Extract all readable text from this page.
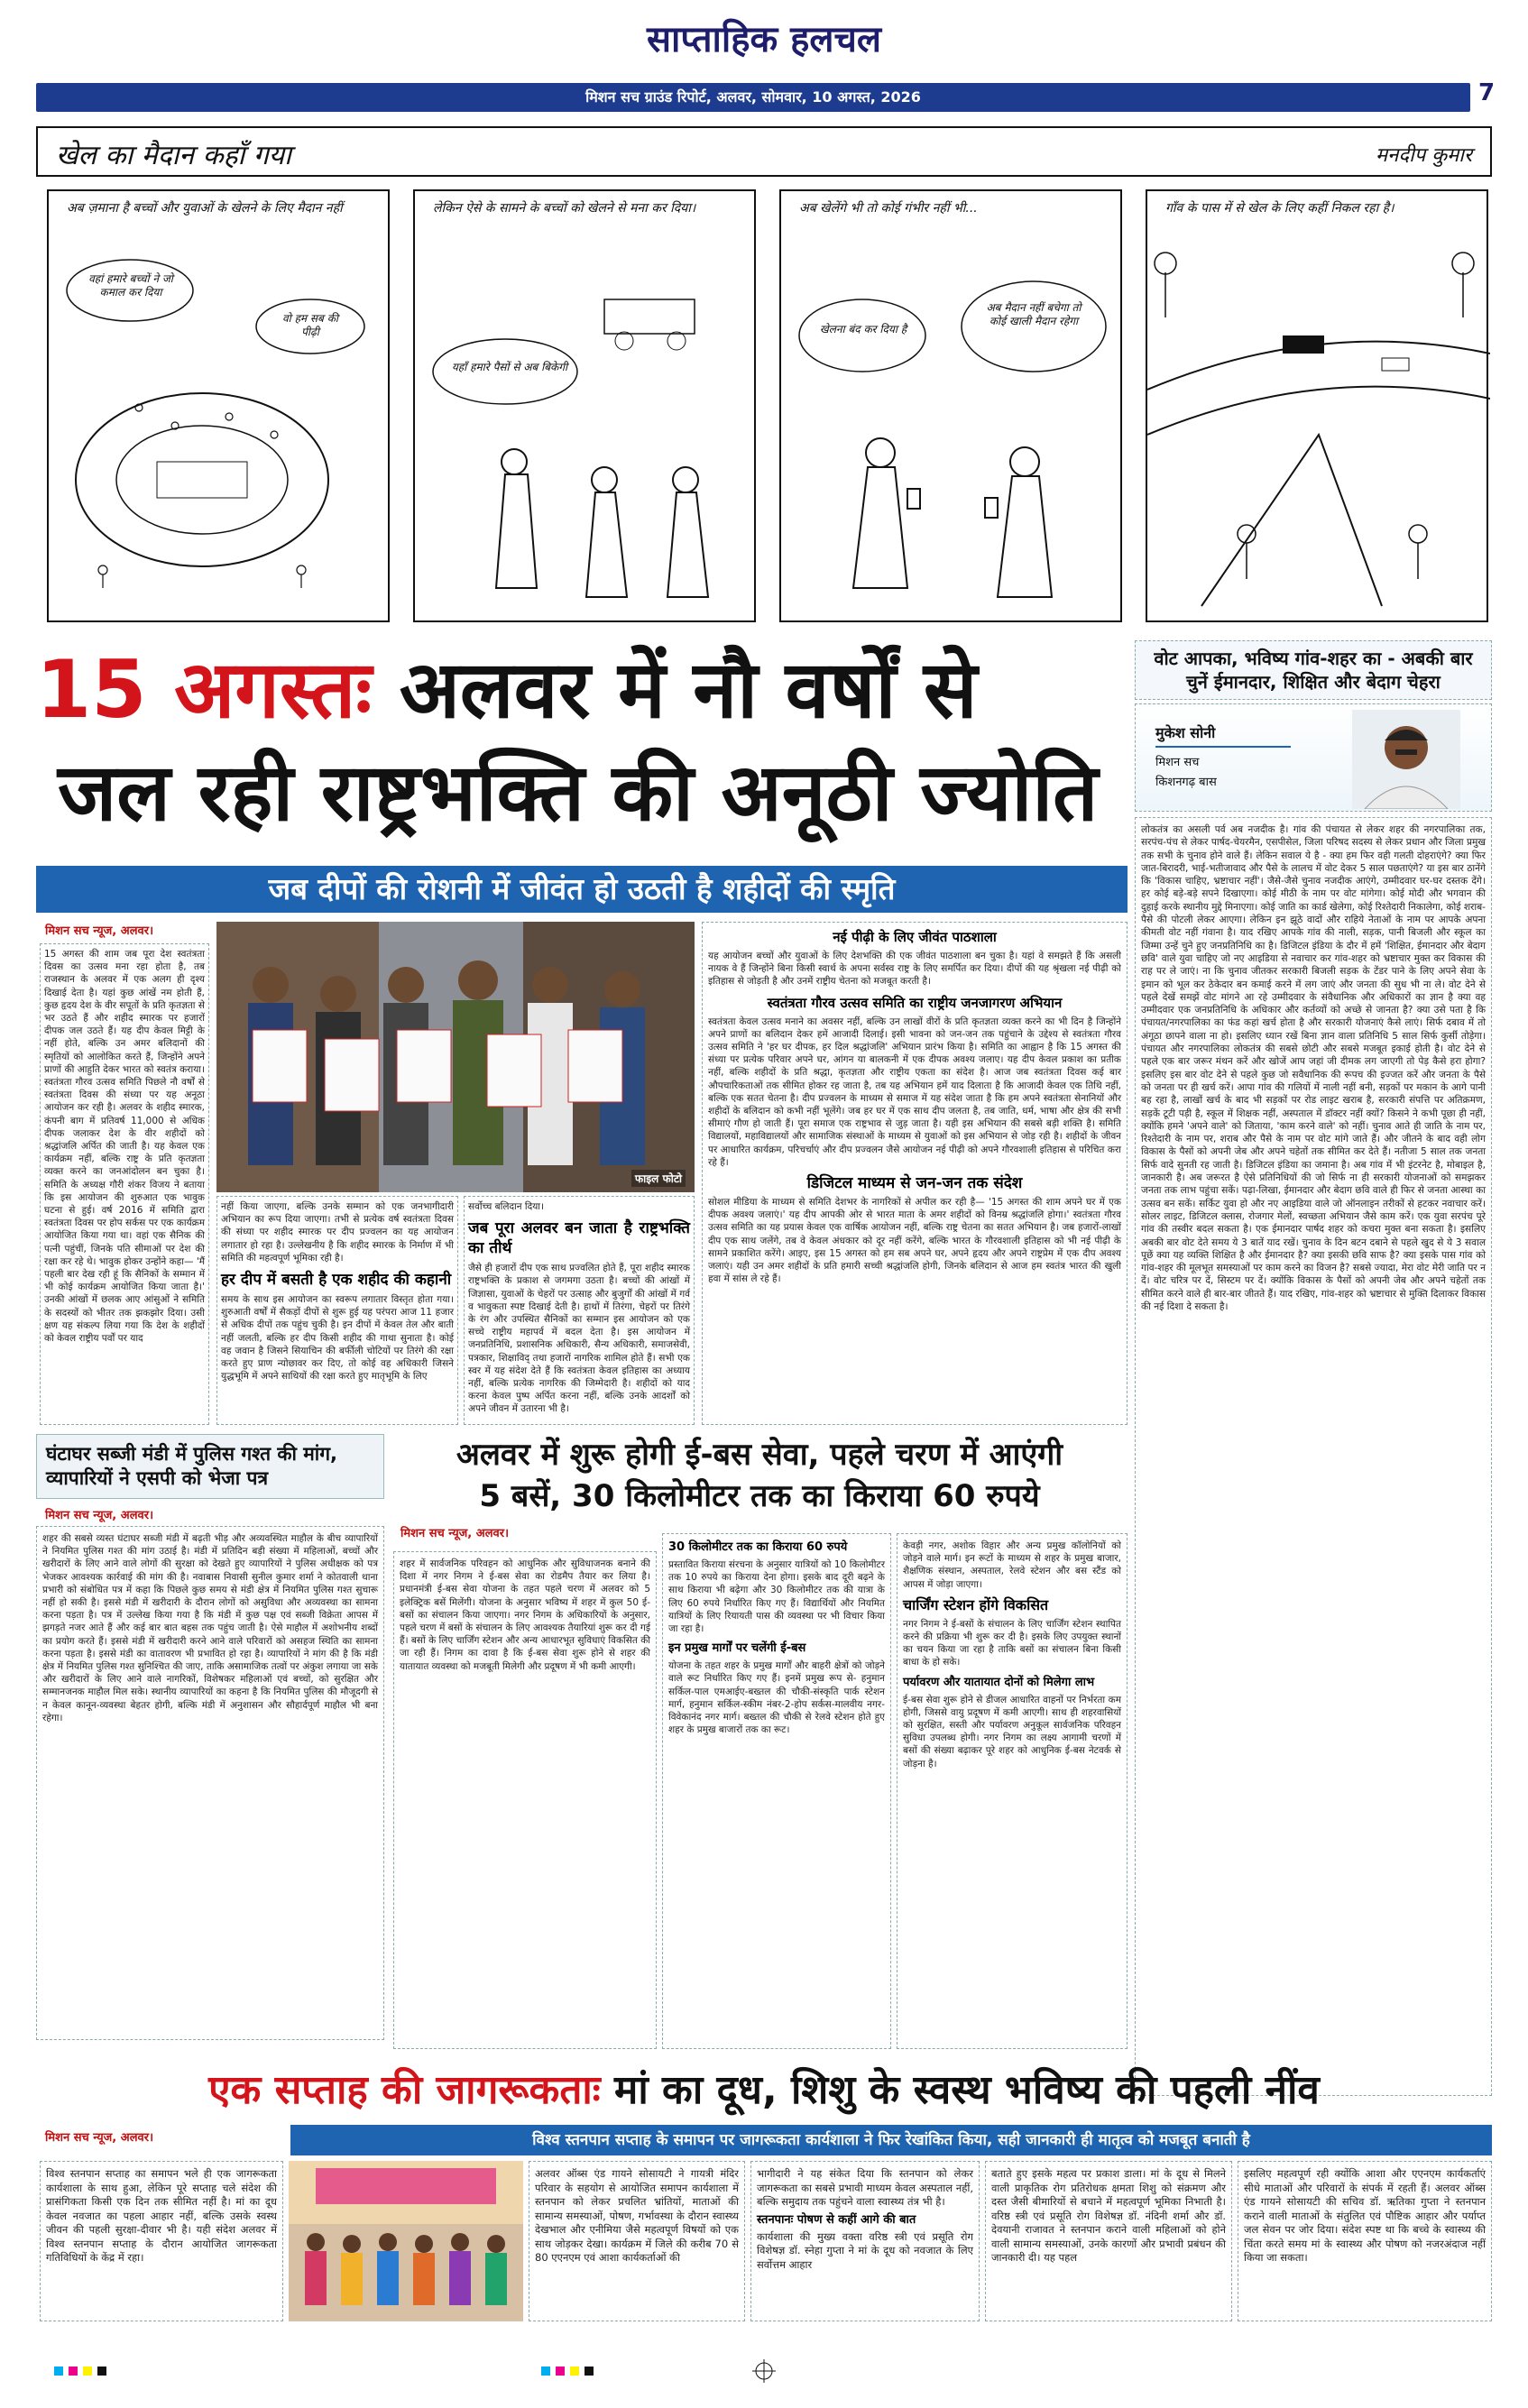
साप्ताहिक हलचल
मिशन सच ग्राउंड रिपोर्ट, अलवर, सोमवार, 10 अगस्त, 2026	7
खेल का मैदान कहाँ गया	मनदीप कुमार
अब ज़माना है बच्चों और युवाओं के खेलने के लिए मैदान नहीं
वहां हमारे बच्चों ने जो कमाल कर दिया
वो हम सब की पीढ़ी
लेकिन ऐसे के सामने के बच्चों को खेलने से मना कर दिया।
यहाँ हमारे पैसों से अब बिकेगी
अब खेलेंगे भी तो कोई गंभीर नहीं भी...
खेलना बंद कर दिया है
अब मैदान नहीं बचेगा तो कोई खाली मैदान रहेगा
गाँव के पास में से खेल के लिए कहीं निकल रहा है।
15 अगस्तः अलवर में नौ वर्षों से
जल रही राष्ट्रभक्ति की अनूठी ज्योति
जब दीपों की रोशनी में जीवंत हो उठती है शहीदों की स्मृति
मिशन सच न्यूज, अलवर।

15 अगस्त की शाम जब पूरा देश स्वतंत्रता दिवस का उत्सव मना रहा होता है, तब राजस्थान के अलवर में एक अलग ही दृश्य दिखाई देता है। यहां कुछ आंखें नम होती हैं, कुछ हृदय देश के वीर सपूतों के प्रति कृतज्ञता से भर उठते हैं और शहीद स्मारक पर हजारों दीपक जल उठते हैं। यह दीप केवल मिट्टी के नहीं होते, बल्कि उन अमर बलिदानों की स्मृतियों को आलोकित करते हैं, जिन्होंने अपने प्राणों की आहुति देकर भारत को स्वतंत्र कराया। स्वतंत्रता गौरव उत्सव समिति पिछले नौ वर्षों से स्वतंत्रता दिवस की संध्या पर यह अनूठा आयोजन कर रही है। अलवर के शहीद स्मारक, कंपनी बाग में प्रतिवर्ष 11,000 से अधिक दीपक जलाकर देश के वीर शहीदों को श्रद्धांजलि अर्पित की जाती है। यह केवल एक कार्यक्रम नहीं, बल्कि राष्ट्र के प्रति कृतज्ञता व्यक्त करने का जनआंदोलन बन चुका है। समिति के अध्यक्ष गौरी शंकर विजय ने बताया कि इस आयोजन की शुरुआत एक भावुक घटना से हुई। वर्ष 2016 में समिति द्वारा स्वतंत्रता दिवस पर होप सर्कस पर एक कार्यक्रम आयोजित किया गया था। वहां एक सैनिक की पत्नी पहुंचीं, जिनके पति सीमाओं पर देश की रक्षा कर रहे थे। भावुक होकर उन्होंने कहा— 'मैं पहली बार देख रही हूं कि सैनिकों के सम्मान में भी कोई कार्यक्रम आयोजित किया जाता है।' उनकी आंखों में छलक आए आंसुओं ने समिति के सदस्यों को भीतर तक झकझोर दिया। उसी क्षण यह संकल्प लिया गया कि देश के शहीदों को केवल राष्ट्रीय पर्वों पर याद

फाइल फोटो

नहीं किया जाएगा, बल्कि उनके सम्मान को एक जनभागीदारी अभियान का रूप दिया जाएगा। तभी से प्रत्येक वर्ष स्वतंत्रता दिवस की संध्या पर शहीद स्मारक पर दीप प्रज्वलन का यह आयोजन लगातार हो रहा है। उल्लेखनीय है कि शहीद स्मारक के निर्माण में भी समिति की महत्वपूर्ण भूमिका रही है।

हर दीप में बसती है एक शहीद की कहानी

समय के साथ इस आयोजन का स्वरूप लगातार विस्तृत होता गया। शुरुआती वर्षों में सैकड़ों दीपों से शुरू हुई यह परंपरा आज 11 हजार से अधिक दीपों तक पहुंच चुकी है। इन दीपों में केवल तेल और बाती नहीं जलती, बल्कि हर दीप किसी शहीद की गाथा सुनाता है। कोई वह जवान है जिसने सियाचिन की बर्फीली चोटियों पर तिरंगे की रक्षा करते हुए प्राण न्योछावर कर दिए, तो कोई वह अधिकारी जिसने युद्धभूमि में अपने साथियों की रक्षा करते हुए मातृभूमि के लिए

सर्वोच्च बलिदान दिया।

जब पूरा अलवर बन जाता है राष्ट्रभक्ति का तीर्थ

जैसे ही हजारों दीप एक साथ प्रज्वलित होते हैं, पूरा शहीद स्मारक राष्ट्रभक्ति के प्रकाश से जगमगा उठता है। बच्चों की आंखों में जिज्ञासा, युवाओं के चेहरों पर उत्साह और बुजुर्गों की आंखों में गर्व व भावुकता स्पष्ट दिखाई देती है। हाथों में तिरंगा, चेहरों पर तिरंगे के रंग और उपस्थित सैनिकों का सम्मान इस आयोजन को एक सच्चे राष्ट्रीय महापर्व में बदल देता है। इस आयोजन में जनप्रतिनिधि, प्रशासनिक अधिकारी, सैन्य अधिकारी, समाजसेवी, पत्रकार, शिक्षाविद् तथा हजारों नागरिक शामिल होते हैं। सभी एक स्वर में यह संदेश देते हैं कि स्वतंत्रता केवल इतिहास का अध्याय नहीं, बल्कि प्रत्येक नागरिक की जिम्मेदारी है। शहीदों को याद करना केवल पुष्प अर्पित करना नहीं, बल्कि उनके आदर्शों को अपने जीवन में उतारना भी है।

नई पीढ़ी के लिए जीवंत पाठशाला

यह आयोजन बच्चों और युवाओं के लिए देशभक्ति की एक जीवंत पाठशाला बन चुका है। यहां वे समझते हैं कि असली नायक वे हैं जिन्होंने बिना किसी स्वार्थ के अपना सर्वस्व राष्ट्र के लिए समर्पित कर दिया। दीपों की यह श्रृंखला नई पीढ़ी को इतिहास से जोड़ती है और उनमें राष्ट्रीय चेतना को मजबूत करती है।

स्वतंत्रता गौरव उत्सव समिति का राष्ट्रीय जनजागरण अभियान

स्वतंत्रता केवल उत्सव मनाने का अवसर नहीं, बल्कि उन लाखों वीरों के प्रति कृतज्ञता व्यक्त करने का भी दिन है जिन्होंने अपने प्राणों का बलिदान देकर हमें आजादी दिलाई। इसी भावना को जन-जन तक पहुंचाने के उद्देश्य से स्वतंत्रता गौरव उत्सव समिति ने 'हर घर दीपक, हर दिल श्रद्धांजलि' अभियान प्रारंभ किया है। समिति का आह्वान है कि 15 अगस्त की संध्या पर प्रत्येक परिवार अपने घर, आंगन या बालकनी में एक दीपक अवश्य जलाए। यह दीप केवल प्रकाश का प्रतीक नहीं, बल्कि शहीदों के प्रति श्रद्धा, कृतज्ञता और राष्ट्रीय एकता का संदेश है। आज जब स्वतंत्रता दिवस कई बार औपचारिकताओं तक सीमित होकर रह जाता है, तब यह अभियान हमें याद दिलाता है कि आजादी केवल एक तिथि नहीं, बल्कि एक सतत चेतना है। दीप प्रज्वलन के माध्यम से समाज में यह संदेश जाता है कि हम अपने स्वतंत्रता सेनानियों और शहीदों के बलिदान को कभी नहीं भूलेंगे। जब हर घर में एक साथ दीप जलता है, तब जाति, धर्म, भाषा और क्षेत्र की सभी सीमाएं गौण हो जाती हैं। पूरा समाज एक राष्ट्रभाव से जुड़ जाता है। यही इस अभियान की सबसे बड़ी शक्ति है। समिति विद्यालयों, महाविद्यालयों और सामाजिक संस्थाओं के माध्यम से युवाओं को इस अभियान से जोड़ रही है। शहीदों के जीवन पर आधारित कार्यक्रम, परिचर्चाएं और दीप प्रज्वलन जैसे आयोजन नई पीढ़ी को अपने गौरवशाली इतिहास से परिचित करा रहे हैं।

डिजिटल माध्यम से जन-जन तक संदेश

सोशल मीडिया के माध्यम से समिति देशभर के नागरिकों से अपील कर रही है— '15 अगस्त की शाम अपने घर में एक दीपक अवश्य जलाएं।' यह दीप आपकी ओर से भारत माता के अमर शहीदों को विनम्र श्रद्धांजलि होगा।' स्वतंत्रता गौरव उत्सव समिति का यह प्रयास केवल एक वार्षिक आयोजन नहीं, बल्कि राष्ट्र चेतना का सतत अभियान है। जब हजारों-लाखों दीप एक साथ जलेंगे, तब वे केवल अंधकार को दूर नहीं करेंगे, बल्कि भारत के गौरवशाली इतिहास को भी नई पीढ़ी के सामने प्रकाशित करेंगे। आइए, इस 15 अगस्त को हम सब अपने घर, अपने हृदय और अपने राष्ट्रप्रेम में एक दीप अवश्य जलाएं। यही उन अमर शहीदों के प्रति हमारी सच्ची श्रद्धांजलि होगी, जिनके बलिदान से आज हम स्वतंत्र भारत की खुली हवा में सांस ले रहे हैं।

वोट आपका, भविष्य गांव-शहर का - अबकी बार चुनें ईमानदार, शिक्षित और बेदाग चेहरा
मुकेश सोनी
मिशन सच
किशनगढ़ बास

लोकतंत्र का असली पर्व अब नजदीक है। गांव की पंचायत से लेकर शहर की नगरपालिका तक, सरपंच-पंच से लेकर पार्षद-चेयरमैन, एसपीसेल, जिला परिषद सदस्य से लेकर प्रधान और जिला प्रमुख तक सभी के चुनाव होने वाले हैं। लेकिन सवाल ये है - क्या हम फिर वही गलती दोहराएंगे? क्या फिर जात-बिरादरी, भाई-भतीजावाद और पैसे के लालच में वोट देकर 5 साल पछताएंगे? या इस बार ठानेंगे कि 'विकास चाहिए, भ्रष्टाचार नहीं'। जैसे-जैसे चुनाव नजदीक आएंगे, उम्मीदवार घर-घर दस्तक देंगे। हर कोई बड़े-बड़े सपने दिखाएगा। कोई मीठी के नाम पर वोट मांगेगा। कोई मोदी और भगवान की दुहाई करके स्थानीय मुद्दे मिनाएगा। कोई जाति का कार्ड खेलेगा, कोई रिश्तेदारी निकालेगा, कोई शराब-पैसे की पोटली लेकर आएगा। लेकिन इन झूठे वादों और राहिये नेताओं के नाम पर आपके अपना कीमती वोट नहीं गंवाना है। याद रखिए आपके गांव की नाली, सड़क, पानी बिजली और स्कूल का जिम्मा उन्हें चुने हुए जनप्रतिनिधि का है। डिजिटल इंडिया के दौर में हमें 'शिक्षित, ईमानदार और बेदाग छवि' वाले युवा चाहिए जो नए आइडिया से नवाचार कर गांव-शहर को भ्रष्टाचार मुक्त कर विकास की राह पर ले जाएं। ना कि चुनाव जीतकर सरकारी बिजली सड़क के टेंडर पाने के लिए अपने सेवा के इमान को भूल कर ठेकेदार बन कमाई करने में लग जाएं और जनता की सुध भी ना ले। वोट देने से पहले देखें समझें वोट मांगने आ रहे उम्मीदवार के संवैधानिक और अधिकारों का ज्ञान है क्या वह उम्मीदवार एक जनप्रतिनिधि के अधिकार और कर्तव्यों को अच्छे से जानता है? क्या उसे पता है कि पंचायत/नगरपालिका का फंड कहां खर्च होता है और सरकारी योजनाएं कैसे लाएं। सिर्फ दबाव में तो अंगूठा छापने वाला ना हो। इसलिए ध्यान रखें बिना ज्ञान वाला प्रतिनिधि 5 साल सिर्फ कुर्सी तोड़ेगा। पंचायत और नगरपालिका लोकतंत्र की सबसे छोटी और सबसे मजबूत इकाई होती है। वोट देने से पहले एक बार जरूर मंथन करें और खोजें आप जहां जी दीमक लग जाएगी तो पेड़ कैसे हरा होगा? इसलिए इस बार वोट देने से पहले कुछ जो सवैधानिक की रूपच की इज्जत करें और जनता के पैसे को जनता पर ही खर्च करें। आपा गांव की गलियों में नाली नहीं बनी, सड़कों पर मकान के आगे पानी बह रहा है, लाखों खर्च के बाद भी सड़कों पर रोड लाइट खराब है, सरकारी संपत्ति पर अतिक्रमण, सड़कें टूटी पड़ी है, स्कूल में शिक्षक नहीं, अस्पताल में डॉक्टर नहीं क्यों? किसने ने कभी पूछा ही नहीं, क्योंकि हमने 'अपने वाले' को जिताया, 'काम करने वाले' को नहीं। चुनाव आते ही जाति के नाम पर, रिश्तेदारी के नाम पर, शराब और पैसे के नाम पर वोट मांगे जाते हैं। और जीतने के बाद वही लोग विकास के पैसों को अपनी जेब और अपने चहेतों तक सीमित कर देते हैं। नतीजा 5 साल तक जनता सिर्फ वादे सुनती रह जाती है। डिजिटल इंडिया का जमाना है। अब गांव में भी इंटरनेट है, मोबाइल है, जानकारी है। अब जरूरत है ऐसे प्रतिनिधियों की जो सिर्फ ना ही सरकारी योजनाओं को समझकर जनता तक लाभ पहुंचा सकें। पढ़ा-लिखा, ईमानदार और बेदाग छवि वाले ही फिर से जनता आस्था का उत्सव बन सकें। सर्किट युवा हो और नए आइडिया वाले जो ऑनलाइन तरीकों से हटकर नवाचार करें। सोलर लाइट, डिजिटल क्लास, रोजगार मेलों, स्वच्छता अभियान जैसे काम करें। एक युवा सरपंच पूरे गांव की तस्वीर बदल सकता है। एक ईमानदार पार्षद शहर को कचरा मुक्त बना सकता है। इसलिए अबकी बार वोट देते समय ये 3 बातें याद रखें। चुनाव के दिन बटन दबाने से पहले खुद से ये 3 सवाल पूछें क्या यह व्यक्ति शिक्षित है और ईमानदार है? क्या इसकी छवि साफ है? क्या इसके पास गांव को गांव-शहर की मूलभूत समस्याओं पर काम करने का विजन है? सबसे ज्यादा, मेरा वोट मेरी जाति पर न दें। वोट चरित्र पर दें, सिस्टम पर दें। क्योंकि विकास के पैसों को अपनी जेब और अपने चहेतों तक सीमित करने वाले ही बार-बार जीतते हैं। याद रखिए, गांव-शहर को भ्रष्टाचार से मुक्ति दिलाकर विकास की नई दिशा दे सकता है।

घंटाघर सब्जी मंडी में पुलिस गश्त की मांग, व्यापारियों ने एसपी को भेजा पत्र
मिशन सच न्यूज, अलवर।

शहर की सबसे व्यस्त घंटाघर सब्जी मंडी में बढ़ती भीड़ और अव्यवस्थित माहौल के बीच व्यापारियों ने नियमित पुलिस गश्त की मांग उठाई है। मंडी में प्रतिदिन बड़ी संख्या में महिलाओं, बच्चों और खरीदारों के लिए आने वाले लोगों की सुरक्षा को देखते हुए व्यापारियों ने पुलिस अधीक्षक को पत्र भेजकर आवश्यक कार्रवाई की मांग की है। नवाबास निवासी सुनील कुमार शर्मा ने कोतवाली थाना प्रभारी को संबोधित पत्र में कहा कि पिछले कुछ समय से मंडी क्षेत्र में नियमित पुलिस गश्त सुचारू नहीं हो सकी है। इससे मंडी में खरीदारी के दौरान लोगों को असुविधा और अव्यवस्था का सामना करना पड़ता है। पत्र में उल्लेख किया गया है कि मंडी में कुछ पक्ष एवं सब्जी विक्रेता आपस में झगड़ते नजर आते हैं और कई बार बात बहस तक पहुंच जाती है। ऐसे माहौल में अशोभनीय शब्दों का प्रयोग करते हैं। इससे मंडी में खरीदारी करने आने वाले परिवारों को असहज स्थिति का सामना करना पड़ता है। इससे मंडी का वातावरण भी प्रभावित हो रहा है। व्यापारियों ने मांग की है कि मंडी क्षेत्र में नियमित पुलिस गश्त सुनिश्चित की जाए, ताकि असामाजिक तत्वों पर अंकुश लगाया जा सके और खरीदारों के लिए आने वाले नागरिकों, विशेषकर महिलाओं एवं बच्चों, को सुरक्षित और सम्मानजनक माहौल मिल सके। स्थानीय व्यापारियों का कहना है कि नियमित पुलिस की मौजूदगी से न केवल कानून-व्यवस्था बेहतर होगी, बल्कि मंडी में अनुशासन और सौहार्दपूर्ण माहौल भी बना रहेगा।

अलवर में शुरू होगी ई-बस सेवा, पहले चरण में आएंगी
5 बसें, 30 किलोमीटर तक का किराया 60 रुपये
मिशन सच न्यूज, अलवर।

शहर में सार्वजनिक परिवहन को आधुनिक और सुविधाजनक बनाने की दिशा में नगर निगम ने ई-बस सेवा का रोडमैप तैयार कर लिया है। प्रधानमंत्री ई-बस सेवा योजना के तहत पहले चरण में अलवर को 5 इलेक्ट्रिक बसें मिलेंगी। योजना के अनुसार भविष्य में शहर में कुल 50 ई-बसों का संचालन किया जाएगा। नगर निगम के अधिकारियों के अनुसार, पहले चरण में बसों के संचालन के लिए आवश्यक तैयारियां शुरू कर दी गई हैं। बसों के लिए चार्जिंग स्टेशन और अन्य आधारभूत सुविधाएं विकसित की जा रही हैं। निगम का दावा है कि ई-बस सेवा शुरू होने से शहर की यातायात व्यवस्था को मजबूती मिलेगी और प्रदूषण में भी कमी आएगी।

30 किलोमीटर तक का किराया 60 रुपये

प्रस्तावित किराया संरचना के अनुसार यात्रियों को 10 किलोमीटर तक 10 रुपये का किराया देना होगा। इसके बाद दूरी बढ़ने के साथ किराया भी बढ़ेगा और 30 किलोमीटर तक की यात्रा के लिए 60 रुपये निर्धारित किए गए हैं। विद्यार्थियों और नियमित यात्रियों के लिए रियायती पास की व्यवस्था पर भी विचार किया जा रहा है।

इन प्रमुख मार्गों पर चलेंगी ई-बस

योजना के तहत शहर के प्रमुख मार्गों और बाहरी क्षेत्रों को जोड़ने वाले रूट निर्धारित किए गए हैं। इनमें प्रमुख रूप से- हनुमान सर्किल-पाल एमआईए-बख्तल की चौकी-संस्कृति पार्क स्टेशन मार्ग, हनुमान सर्किल-स्कीम नंबर-2-होप सर्कस-मालवीय नगर-विवेकानंद नगर मार्ग। बख्तल की चौकी से रेलवे स्टेशन होते हुए शहर के प्रमुख बाजारों तक का रूट।

केवड़ी नगर, अशोक विहार और अन्य प्रमुख कॉलोनियों को जोड़ने वाले मार्ग। इन रूटों के माध्यम से शहर के प्रमुख बाजार, शैक्षणिक संस्थान, अस्पताल, रेलवे स्टेशन और बस स्टैंड को आपस में जोड़ा जाएगा।

चार्जिंग स्टेशन होंगे विकसित

नगर निगम ने ई-बसों के संचालन के लिए चार्जिंग स्टेशन स्थापित करने की प्रक्रिया भी शुरू कर दी है। इसके लिए उपयुक्त स्थानों का चयन किया जा रहा है ताकि बसों का संचालन बिना किसी बाधा के हो सके।

पर्यावरण और यातायात दोनों को मिलेगा लाभ

ई-बस सेवा शुरू होने से डीजल आधारित वाहनों पर निर्भरता कम होगी, जिससे वायु प्रदूषण में कमी आएगी। साथ ही शहरवासियों को सुरक्षित, सस्ती और पर्यावरण अनुकूल सार्वजनिक परिवहन सुविधा उपलब्ध होगी। नगर निगम का लक्ष्य आगामी चरणों में बसों की संख्या बढ़ाकर पूरे शहर को आधुनिक ई-बस नेटवर्क से जोड़ना है।

एक सप्ताह की जागरूकताः मां का दूध, शिशु के स्वस्थ भविष्य की पहली नींव
मिशन सच न्यूज, अलवर।	विश्व स्तनपान सप्ताह के समापन पर जागरूकता कार्यशाला ने फिर रेखांकित किया, सही जानकारी ही मातृत्व को मजबूत बनाती है

विश्व स्तनपान सप्ताह का समापन भले ही एक जागरूकता कार्यशाला के साथ हुआ, लेकिन पूरे सप्ताह चले संदेश की प्रासंगिकता किसी एक दिन तक सीमित नहीं है। मां का दूध केवल नवजात का पहला आहार नहीं, बल्कि उसके स्वस्थ जीवन की पहली सुरक्षा-दीवार भी है। यही संदेश अलवर में विश्व स्तनपान सप्ताह के दौरान आयोजित जागरूकता गतिविधियों के केंद्र में रहा।

अलवर ऑब्स एंड गायने सोसायटी ने गायत्री मंदिर परिवार के सहयोग से आयोजित समापन कार्यशाला में स्तनपान को लेकर प्रचलित भ्रांतियों, माताओं की सामान्य समस्याओं, पोषण, गर्भावस्था के दौरान स्वास्थ्य देखभाल और एनीमिया जैसे महत्वपूर्ण विषयों को एक साथ जोड़कर देखा। कार्यक्रम में जिले की करीब 70 से 80 एएनएम एवं आशा कार्यकर्ताओं की

भागीदारी ने यह संकेत दिया कि स्तनपान को लेकर जागरूकता का सबसे प्रभावी माध्यम केवल अस्पताल नहीं, बल्कि समुदाय तक पहुंचने वाला स्वास्थ्य तंत्र भी है।

स्तनपानः पोषण से कहीं आगे की बात

कार्यशाला की मुख्य वक्ता वरिष्ठ स्त्री एवं प्रसूति रोग विशेषज्ञ डॉ. स्नेहा गुप्ता ने मां के दूध को नवजात के लिए सर्वोत्तम आहार

बताते हुए इसके महत्व पर प्रकाश डाला। मां के दूध से मिलने वाली प्राकृतिक रोग प्रतिरोधक क्षमता शिशु को संक्रमण और दस्त जैसी बीमारियों से बचाने में महत्वपूर्ण भूमिका निभाती है। वरिष्ठ स्त्री एवं प्रसूति रोग विशेषज्ञ डॉ. नंदिनी शर्मा और डॉ. देवयानी राजावत ने स्तनपान कराने वाली महिलाओं को होने वाली सामान्य समस्याओं, उनके कारणों और प्रभावी प्रबंधन की जानकारी दी। यह पहल

इसलिए महत्वपूर्ण रही क्योंकि आशा और एएनएम कार्यकर्ताएं सीधे माताओं और परिवारों के संपर्क में रहती हैं। अलवर ऑब्स एंड गायने सोसायटी की सचिव डॉ. ऋतिका गुप्ता ने स्तनपान कराने वाली माताओं के संतुलित एवं पौष्टिक आहार और पर्याप्त जल सेवन पर जोर दिया। संदेश स्पष्ट था कि बच्चे के स्वास्थ्य की चिंता करते समय मां के स्वास्थ्य और पोषण को नजरअंदाज नहीं किया जा सकता।
